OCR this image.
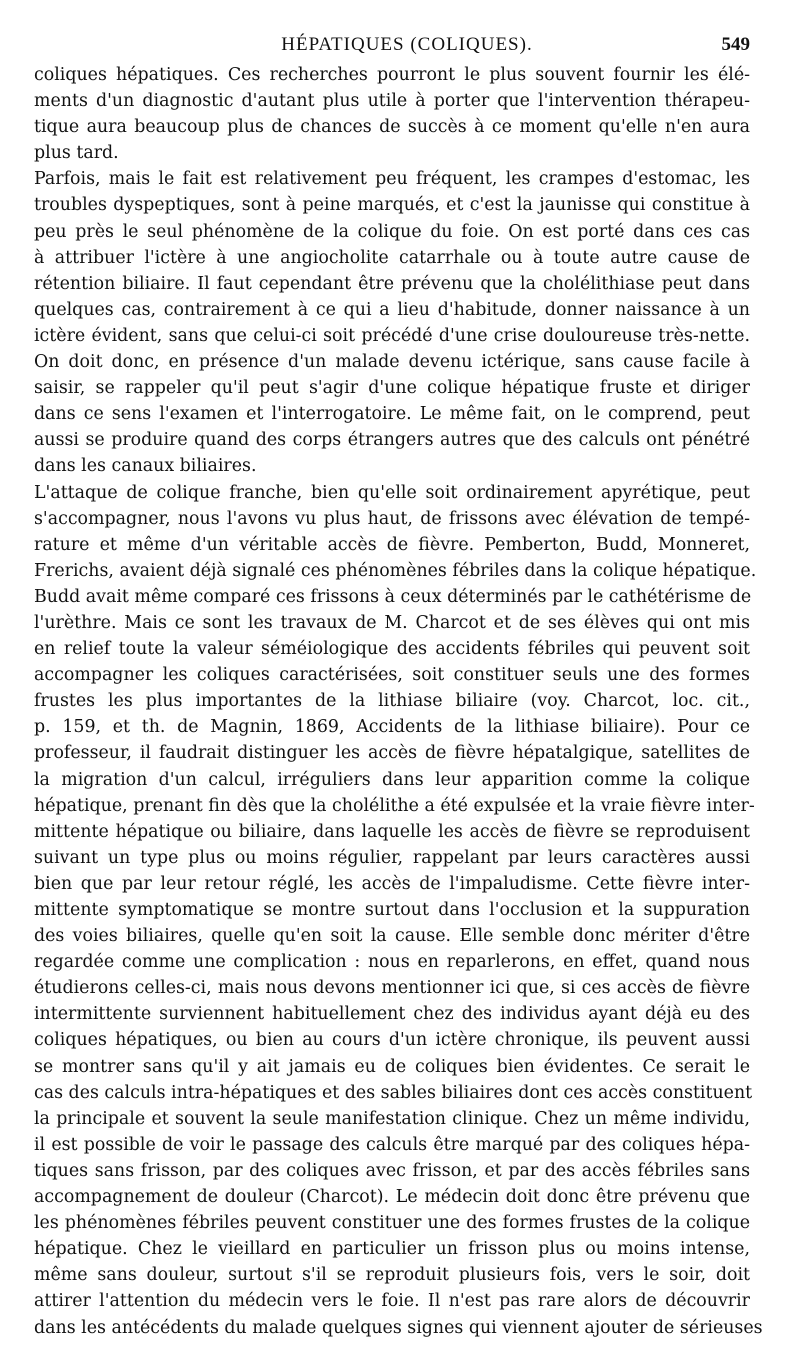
HÉPATIQUES (COLIQUES).	549
coliques hépatiques. Ces recherches pourront le plus souvent fournir les élé-
ments d'un diagnostic d'autant plus utile à porter que l'intervention thérapeu-
tique aura beaucoup plus de chances de succès à ce moment qu'elle n'en aura
plus tard.
Parfois, mais le fait est relativement peu fréquent, les crampes d'estomac, les
troubles dyspeptiques, sont à peine marqués, et c'est la jaunisse qui constitue à
peu près le seul phénomène de la colique du foie. On est porté dans ces cas
à attribuer l'ictère à une angiocholite catarrhale ou à toute autre cause de
rétention biliaire. Il faut cependant être prévenu que la cholélithiase peut dans
quelques cas, contrairement à ce qui a lieu d'habitude, donner naissance à un
ictère évident, sans que celui-ci soit précédé d'une crise douloureuse très-nette.
On doit donc, en présence d'un malade devenu ictérique, sans cause facile à
saisir, se rappeler qu'il peut s'agir d'une colique hépatique fruste et diriger
dans ce sens l'examen et l'interrogatoire. Le même fait, on le comprend, peut
aussi se produire quand des corps étrangers autres que des calculs ont pénétré
dans les canaux biliaires.
L'attaque de colique franche, bien qu'elle soit ordinairement apyrétique, peut
s'accompagner, nous l'avons vu plus haut, de frissons avec élévation de tempé-
rature et même d'un véritable accès de fièvre. Pemberton, Budd, Monneret,
Frerichs, avaient déjà signalé ces phénomènes fébriles dans la colique hépatique.
Budd avait même comparé ces frissons à ceux déterminés par le cathétérisme de
l'urèthre. Mais ce sont les travaux de M. Charcot et de ses élèves qui ont mis
en relief toute la valeur séméiologique des accidents fébriles qui peuvent soit
accompagner les coliques caractérisées, soit constituer seuls une des formes
frustes les plus importantes de la lithiase biliaire (voy. Charcot, loc. cit.,
p. 159, et th. de Magnin, 1869, Accidents de la lithiase biliaire). Pour ce
professeur, il faudrait distinguer les accès de fièvre hépatalgique, satellites de
la migration d'un calcul, irréguliers dans leur apparition comme la colique
hépatique, prenant fin dès que la cholélithe a été expulsée et la vraie fièvre inter-
mittente hépatique ou biliaire, dans laquelle les accès de fièvre se reproduisent
suivant un type plus ou moins régulier, rappelant par leurs caractères aussi
bien que par leur retour réglé, les accès de l'impaludisme. Cette fièvre inter-
mittente symptomatique se montre surtout dans l'occlusion et la suppuration
des voies biliaires, quelle qu'en soit la cause. Elle semble donc mériter d'être
regardée comme une complication : nous en reparlerons, en effet, quand nous
étudierons celles-ci, mais nous devons mentionner ici que, si ces accès de fièvre
intermittente surviennent habituellement chez des individus ayant déjà eu des
coliques hépatiques, ou bien au cours d'un ictère chronique, ils peuvent aussi
se montrer sans qu'il y ait jamais eu de coliques bien évidentes. Ce serait le
cas des calculs intra-hépatiques et des sables biliaires dont ces accès constituent
la principale et souvent la seule manifestation clinique. Chez un même individu,
il est possible de voir le passage des calculs être marqué par des coliques hépa-
tiques sans frisson, par des coliques avec frisson, et par des accès fébriles sans
accompagnement de douleur (Charcot). Le médecin doit donc être prévenu que
les phénomènes fébriles peuvent constituer une des formes frustes de la colique
hépatique. Chez le vieillard en particulier un frisson plus ou moins intense,
même sans douleur, surtout s'il se reproduit plusieurs fois, vers le soir, doit
attirer l'attention du médecin vers le foie. Il n'est pas rare alors de découvrir
dans les antécédents du malade quelques signes qui viennent ajouter de sérieuses
